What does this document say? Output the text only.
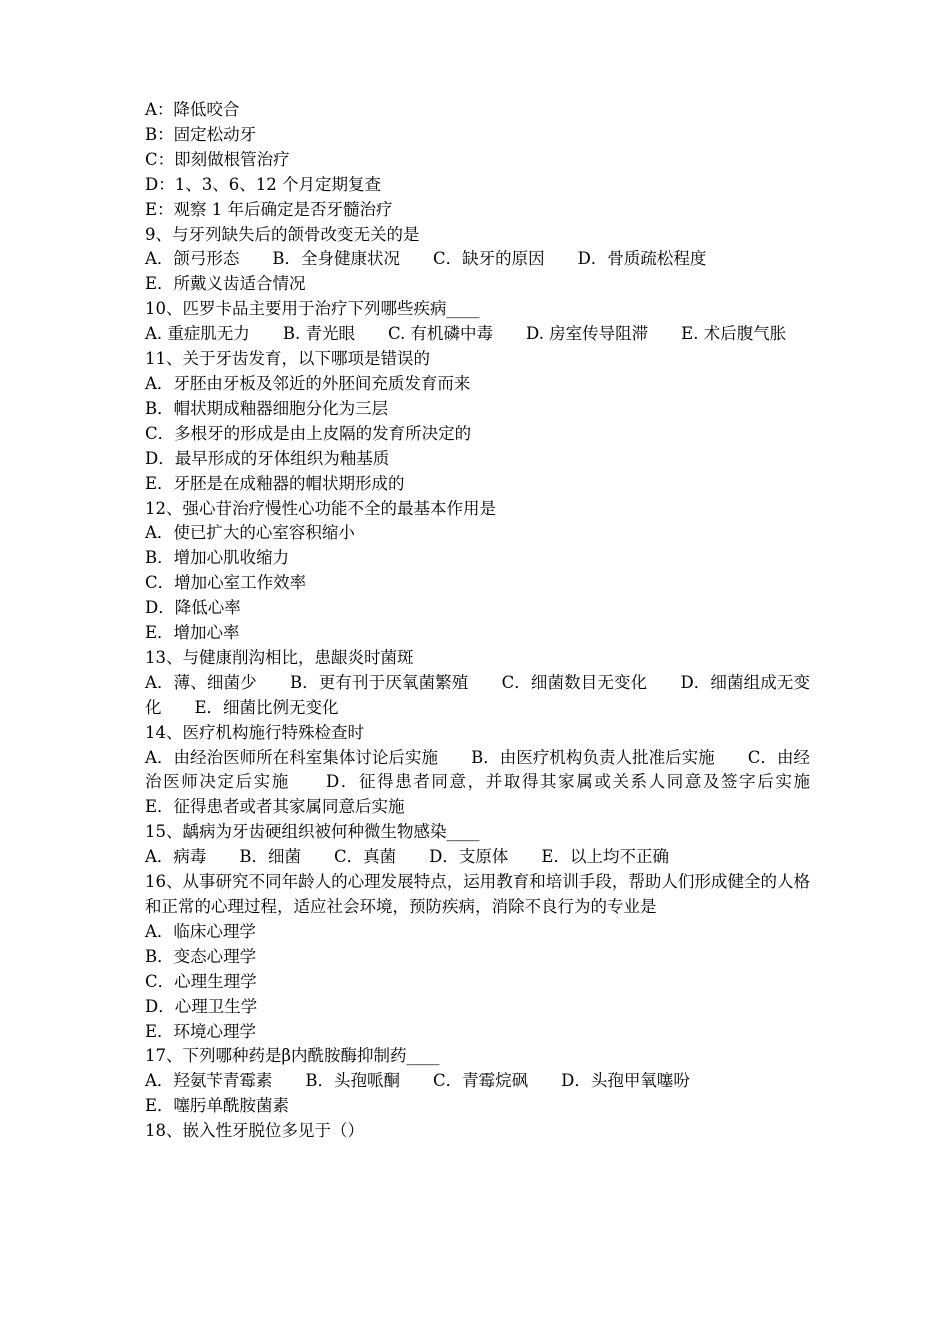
A：降低咬合
B：固定松动牙
C：即刻做根管治疗
D：1、3、6、12 个月定期复查
E：观察 1 年后确定是否牙髓治疗
9、与牙列缺失后的颌骨改变无关的是
A．颌弓形态　　B．全身健康状况　　C．缺牙的原因　　D．骨质疏松程度
E．所戴义齿适合情况
10、匹罗卡品主要用于治疗下列哪些疾病____
A. 重症肌无力　　B. 青光眼　　C. 有机磷中毒　　D. 房室传导阻滞　　E. 术后腹气胀
11、关于牙齿发育，以下哪项是错误的
A．牙胚由牙板及邻近的外胚间充质发育而来
B．帽状期成釉器细胞分化为三层
C．多根牙的形成是由上皮隔的发育所决定的
D．最早形成的牙体组织为釉基质
E．牙胚是在成釉器的帽状期形成的
12、强心苷治疗慢性心功能不全的最基本作用是
A．使已扩大的心室容积缩小
B．增加心肌收缩力
C．增加心室工作效率
D．降低心率
E．增加心率
13、与健康削沟相比，患龈炎时菌斑
A．薄、细菌少　　B．更有刊于厌氧菌繁殖　　C．细菌数目无变化　　D．细菌组成无变化　　E．细菌比例无变化
14、医疗机构施行特殊检查时
A．由经治医师所在科室集体讨论后实施　　B．由医疗机构负责人批准后实施　　C．由经治医师决定后实施　　D．征得患者同意，并取得其家属或关系人同意及签字后实施　　E．征得患者或者其家属同意后实施
15、龋病为牙齿硬组织被何种微生物感染____
A．病毒　　B．细菌　　C．真菌　　D．支原体　　E．以上均不正确
16、从事研究不同年龄人的心理发展特点，运用教育和培训手段，帮助人们形成健全的人格和正常的心理过程，适应社会环境，预防疾病，消除不良行为的专业是
A．临床心理学
B．变态心理学
C．心理生理学
D．心理卫生学
E．环境心理学
17、下列哪种药是β内酰胺酶抑制药____
A．羟氨苄青霉素　　B．头孢哌酮　　C．青霉烷砜　　D．头孢甲氧噻吩
E．噻肟单酰胺菌素
18、嵌入性牙脱位多见于（）
